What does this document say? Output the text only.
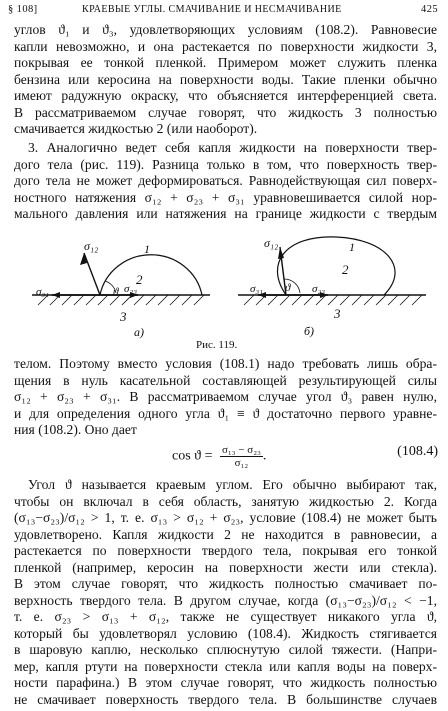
§ 108]	КРАЕВЫЕ УГЛЫ. СМАЧИВАНИЕ И НЕСМАЧИВАНИЕ	425
углов ϑ₁ и ϑ₃, удовлетворяющих условиям (108.2). Равновесие
капли невозможно, и она растекается по поверхности жидкости 3,
покрывая ее тонкой пленкой. Примером может служить пленка
бензина или керосина на поверхности воды. Такие пленки обычно
имеют радужную окраску, что объясняется интерференцией света.
В рассматриваемом случае говорят, что жидкость 3 полностью
смачивается жидкостью 2 (или наоборот).
3. Аналогично ведет себя капля жидкости на поверхности твер-
дого тела (рис. 119). Разница только в том, что поверхность твер-
дого тела не может деформироваться. Равнодействующая сил поверх-
ностного натяжения σ₁₂ + σ₂₃ + σ₃₁ уравновешивается силой нор-
мального давления или натяжения на границе жидкости с твердым
σ₁₂	1
2
σ₃₁	ϑ σ₂₃
3
а)
σ₁₂	1
2
σ₃₁ ϑ σ₂₃
3
б)
Рис. 119.
телом. Поэтому вместо условия (108.1) надо требовать лишь обра-
щения в нуль касательной составляющей результирующей силы
σ₁₂ + σ₂₃ + σ₃₁. В рассматриваемом случае угол ϑ₃ равен нулю,
и для определения одного угла ϑ₁ ≡ ϑ достаточно первого уравне-
ния (108.2). Оно дает
$\cos ϑ = \frac{\text{σ₁₃ − σ₂₃}}{\text{σ₁₂}}$ .	(108.4)
Угол ϑ называется краевым углом. Его обычно выбирают так,
чтобы он включал в себя область, занятую жидкостью 2. Когда
(σ₁₃−σ₂₃)/σ₁₂ > 1, т. е. σ₁₃ > σ₁₂ + σ₂₃, условие (108.4) не может быть
удовлетворено. Капля жидкости 2 не находится в равновесии, а
растекается по поверхности твердого тела, покрывая его тонкой
пленкой (например, керосин на поверхности жести или стекла).
В этом случае говорят, что жидкость полностью смачивает по-
верхность твердого тела. В другом случае, когда (σ₁₃−σ₂₃)/σ₁₂ < −1,
т. е. σ₂₃ > σ₁₃ + σ₁₂, также не существует никакого угла ϑ,
который бы удовлетворял условию (108.4). Жидкость стягивается
в шаровую каплю, несколько сплюснутую силой тяжести. (Напри-
мер, капля ртути на поверхности стекла или капля воды на поверх-
ности парафина.) В этом случае говорят, что жидкость полностью
не смачивает поверхность твердого тела. В большинстве случаев
